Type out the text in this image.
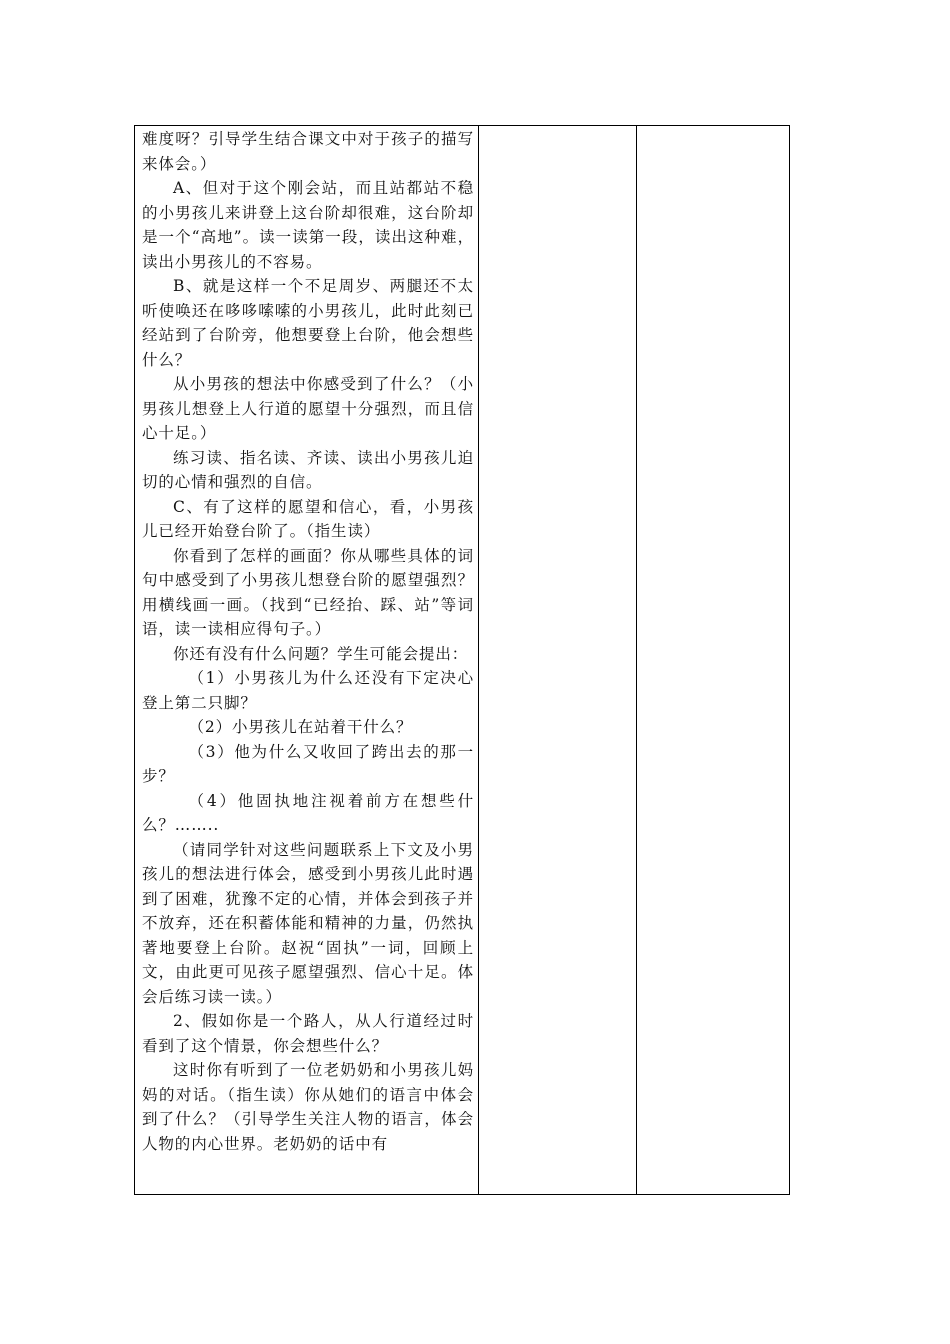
难度呀？引导学生结合课文中对于孩子的描写来体会。）

A、但对于这个刚会站，而且站都站不稳的小男孩儿来讲登上这台阶却很难，这台阶却是一个“高地”。读一读第一段，读出这种难，读出小男孩儿的不容易。

B、就是这样一个不足周岁、两腿还不太听使唤还在哆哆嗦嗦的小男孩儿，此时此刻已经站到了台阶旁，他想要登上台阶，他会想些什么？

从小男孩的想法中你感受到了什么？（小男孩儿想登上人行道的愿望十分强烈，而且信心十足。）

练习读、指名读、齐读、读出小男孩儿迫切的心情和强烈的自信。

C、有了这样的愿望和信心，看，小男孩儿已经开始登台阶了。（指生读）

你看到了怎样的画面？你从哪些具体的词句中感受到了小男孩儿想登台阶的愿望强烈？用横线画一画。（找到“已经抬、踩、站”等词语，读一读相应得句子。）

你还有没有什么问题？学生可能会提出：

（1）小男孩儿为什么还没有下定决心登上第二只脚？

（2）小男孩儿在站着干什么？

（3）他为什么又收回了跨出去的那一步？

（4）他固执地注视着前方在想些什么？……..

（请同学针对这些问题联系上下文及小男孩儿的想法进行体会，感受到小男孩儿此时遇到了困难，犹豫不定的心情，并体会到孩子并不放弃，还在积蓄体能和精神的力量，仍然执著地要登上台阶。赵祝“固执”一词，回顾上文，由此更可见孩子愿望强烈、信心十足。体会后练习读一读。）

2、假如你是一个路人，从人行道经过时看到了这个情景，你会想些什么？

这时你有听到了一位老奶奶和小男孩儿妈妈的对话。（指生读）你从她们的语言中体会到了什么？（引导学生关注人物的语言，体会人物的内心世界。老奶奶的话中有
